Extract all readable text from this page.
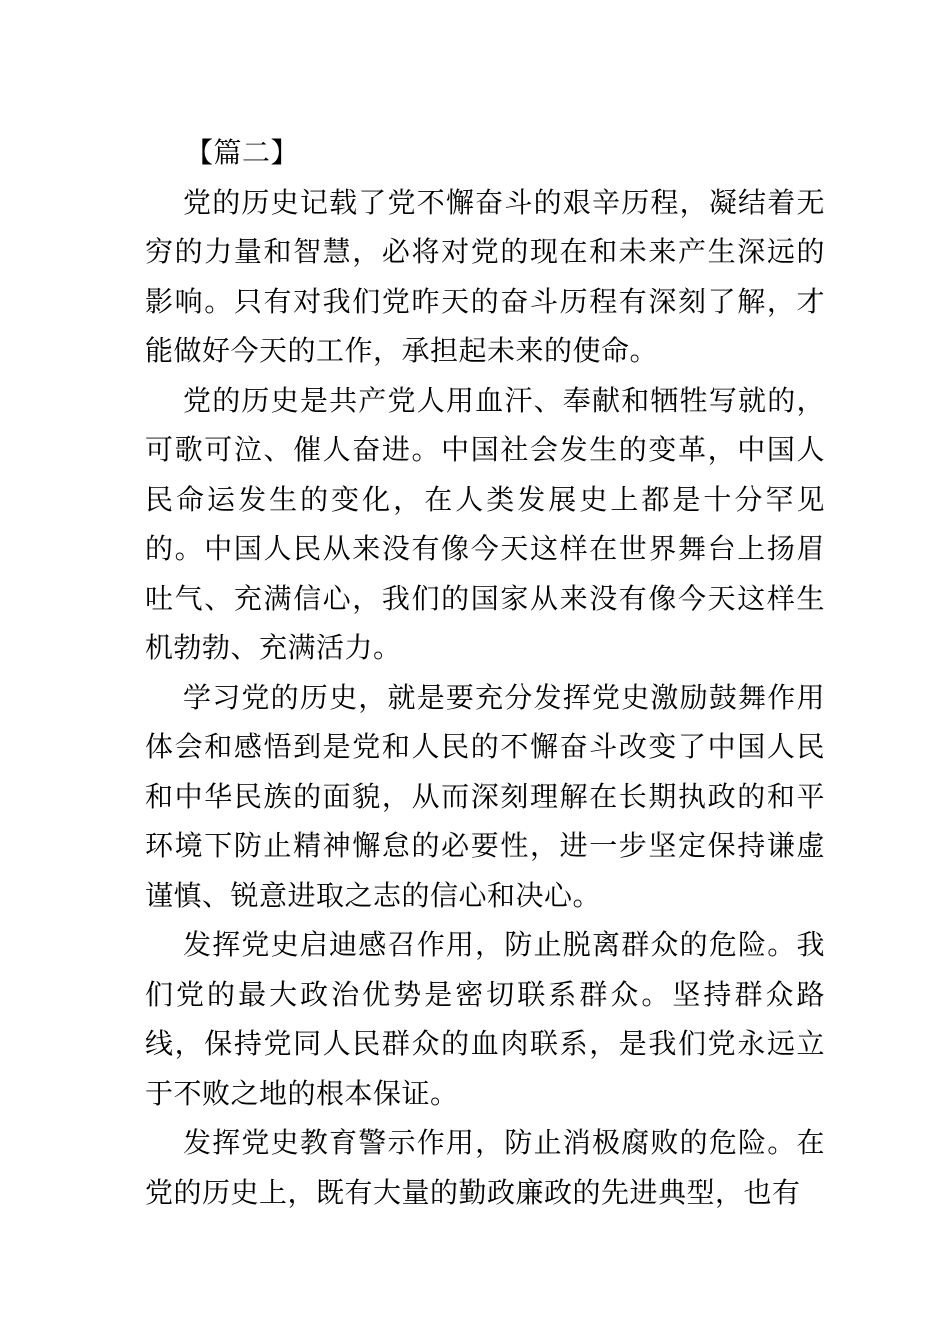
【篇二】

党的历史记载了党不懈奋斗的艰辛历程，凝结着无穷的力量和智慧，必将对党的现在和未来产生深远的影响。只有对我们党昨天的奋斗历程有深刻了解，才能做好今天的工作，承担起未来的使命。

党的历史是共产党人用血汗、奉献和牺牲写就的，可歌可泣、催人奋进。中国社会发生的变革，中国人民命运发生的变化，在人类发展史上都是十分罕见的。中国人民从来没有像今天这样在世界舞台上扬眉吐气、充满信心，我们的国家从来没有像今天这样生机勃勃、充满活力。

学习党的历史，就是要充分发挥党史激励鼓舞作用体会和感悟到是党和人民的不懈奋斗改变了中国人民和中华民族的面貌，从而深刻理解在长期执政的和平环境下防止精神懈怠的必要性，进一步坚定保持谦虚谨慎、锐意进取之志的信心和决心。

发挥党史启迪感召作用，防止脱离群众的危险。我们党的最大政治优势是密切联系群众。坚持群众路线，保持党同人民群众的血肉联系，是我们党永远立于不败之地的根本保证。

发挥党史教育警示作用，防止消极腐败的危险。在党的历史上，既有大量的勤政廉政的先进典型，也有
